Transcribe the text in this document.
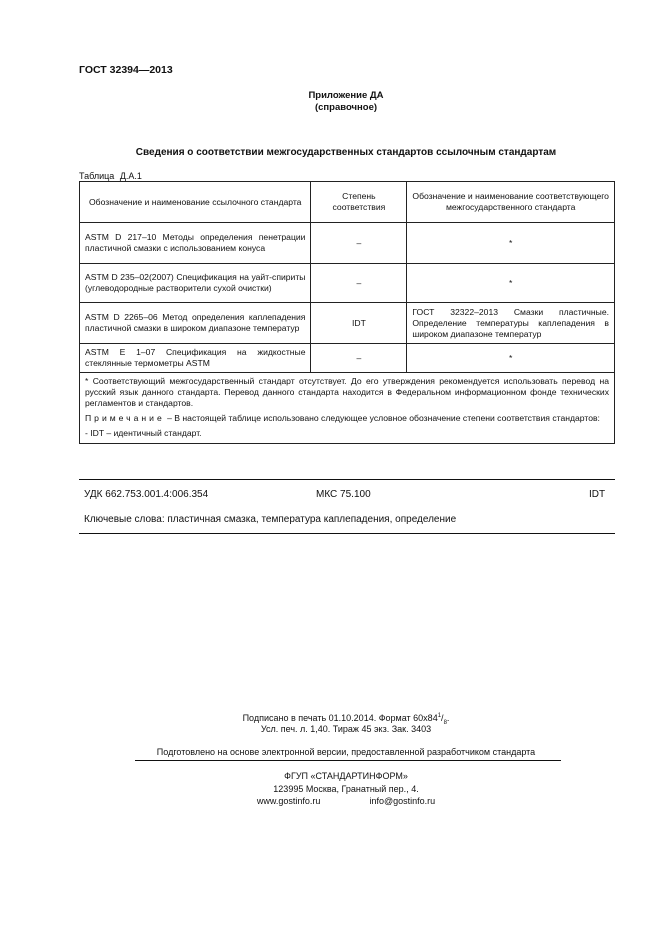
ГОСТ 32394—2013
Приложение ДА
(справочное)
Сведения о соответствии межгосударственных стандартов ссылочным стандартам
Таблица Д.А.1
Обозначение и наименование ссылочного стандарта	Степень соответствия	Обозначение и наименование соответствующего межгосударственного стандарта
ASTM D 217–10 Методы определения пенетрации пластичной смазки с использованием конуса	–	*
ASTM D 235–02(2007) Спецификация на уайт-спириты (углеводородные растворители сухой очистки)	–	*
ASTM D 2265–06 Метод определения каплепадения пластичной смазки в широком диапазоне температур	IDT	ГОСТ 32322–2013 Смазки пластичные. Определение температуры каплепадения в широком диапазоне температур
ASTM E 1–07 Спецификация на жидкостные стеклянные термометры ASTM	–	*

* Соответствующий межгосударственный стандарт отсутствует. До его утверждения рекомендуется использовать перевод на русский язык данного стандарта. Перевод данного стандарта находится в Федеральном информационном фонде технических регламентов и стандартов.

Примечание – В настоящей таблице использовано следующее условное обозначение степени соответствия стандартов:

- IDT – идентичный стандарт.		

УДК 662.753.001.4:006.354	МКС 75.100	IDT
Ключевые слова: пластичная смазка, температура каплепадения, определение
Подписано в печать 01.10.2014. Формат $60x84^1/_8$.
Усл. печ. л. 1,40. Тираж 45 экз. Зак. 3403
Подготовлено на основе электронной версии, предоставленной разработчиком стандарта
ФГУП «СТАНДАРТИНФОРМ»
123995 Москва, Гранатный пер., 4.
www.gostinfo.ru	info@gostinfo.ru
